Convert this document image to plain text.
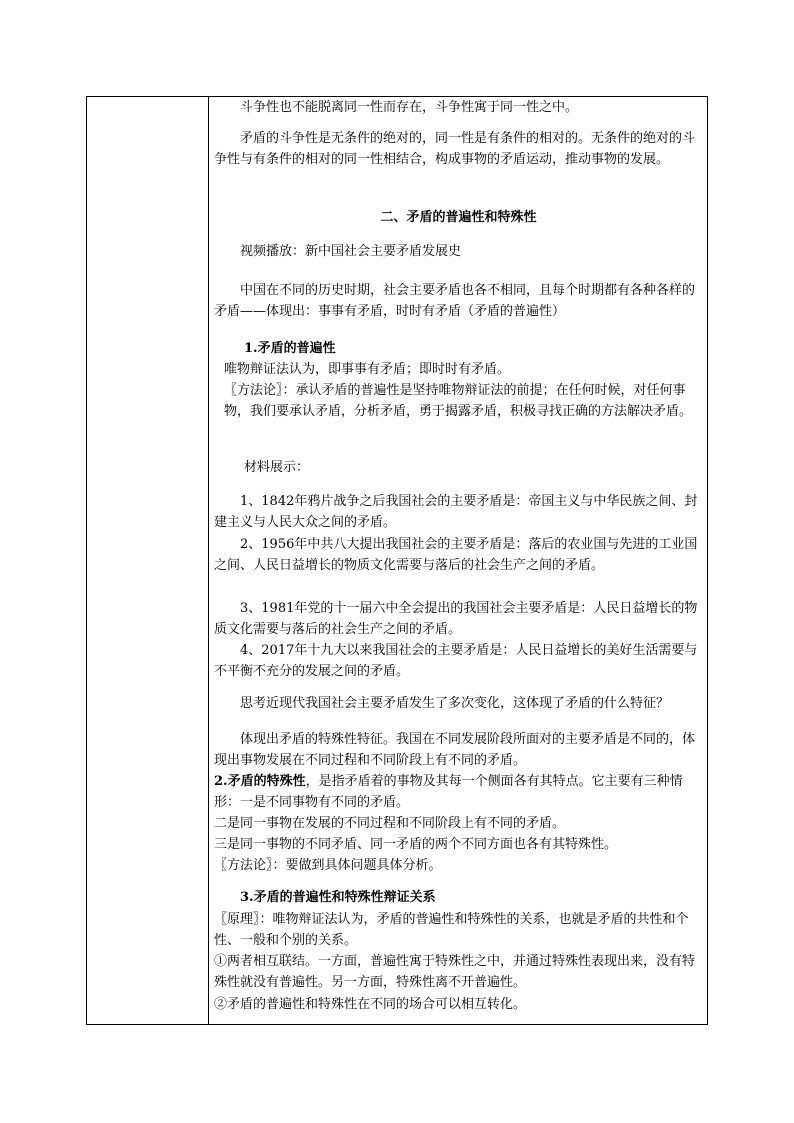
斗争性也不能脱离同一性而存在，斗争性寓于同一性之中。

矛盾的斗争性是无条件的绝对的，同一性是有条件的相对的。无条件的绝对的斗争性与有条件的相对的同一性相结合，构成事物的矛盾运动，推动事物的发展。

二、矛盾的普遍性和特殊性

视频播放：新中国社会主要矛盾发展史

中国在不同的历史时期，社会主要矛盾也各不相同，且每个时期都有各种各样的矛盾——体现出：事事有矛盾，时时有矛盾（矛盾的普遍性）

1.矛盾的普遍性

唯物辩证法认为，即事事有矛盾；即时时有矛盾。

〖方法论〗：承认矛盾的普遍性是坚持唯物辩证法的前提；在任何时候，对任何事物，我们要承认矛盾，分析矛盾，勇于揭露矛盾，积极寻找正确的方法解决矛盾。

材料展示：

1、1842年鸦片战争之后我国社会的主要矛盾是：帝国主义与中华民族之间、封建主义与人民大众之间的矛盾。

2、1956年中共八大提出我国社会的主要矛盾是：落后的农业国与先进的工业国之间、人民日益增长的物质文化需要与落后的社会生产之间的矛盾。

3、1981年党的十一届六中全会提出的我国社会主要矛盾是：人民日益增长的物质文化需要与落后的社会生产之间的矛盾。

4、2017年十九大以来我国社会的主要矛盾是：人民日益增长的美好生活需要与不平衡不充分的发展之间的矛盾。

思考近现代我国社会主要矛盾发生了多次变化，这体现了矛盾的什么特征？

体现出矛盾的特殊性特征。我国在不同发展阶段所面对的主要矛盾是不同的，体现出事物发展在不同过程和不同阶段上有不同的矛盾。

2.矛盾的特殊性，是指矛盾着的事物及其每一个侧面各有其特点。它主要有三种情形：一是不同事物有不同的矛盾。

二是同一事物在发展的不同过程和不同阶段上有不同的矛盾。

三是同一事物的不同矛盾、同一矛盾的两个不同方面也各有其特殊性。

〖方法论〗：要做到具体问题具体分析。

3.矛盾的普遍性和特殊性辩证关系

〖原理〗：唯物辩证法认为，矛盾的普遍性和特殊性的关系，也就是矛盾的共性和个性、一般和个别的关系。

①两者相互联结。一方面，普遍性寓于特殊性之中，并通过特殊性表现出来，没有特殊性就没有普遍性。另一方面，特殊性离不开普遍性。

②矛盾的普遍性和特殊性在不同的场合可以相互转化。
